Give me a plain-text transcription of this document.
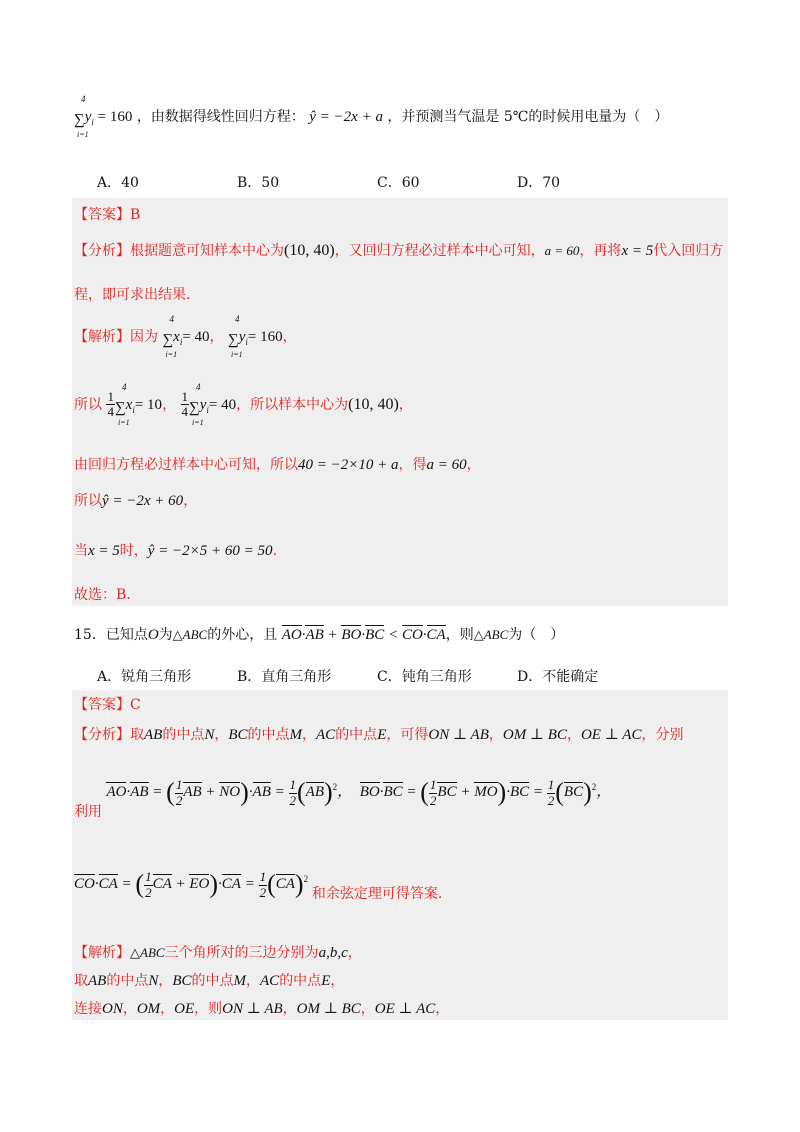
∑
4
i=1
$y_i = 160$ ，由数据得线性回归方程： ŷ = −2x + a ，并预测当气温是 5℃的时候用电量为（　）
A．40	B．50	C．60	D．70
【答案】B
【分析】根据题意可知样本中心为(10, 40)，又回归方程必过样本中心可知，a = 60，再将x = 5代入回归方
程，即可求出结果.
【解析】因为 ∑
4
i=1
$x_i= 40$， ∑
4
i=1
$y_i= 160$，
所以 $\frac{1}{4}$ ∑
4
i=1
$x_i= 10$， $\frac{1}{4}$ ∑
4
i=1
$y_i= 40$，所以样本中心为(10, 40)，
由回归方程必过样本中心可知，所以40 = −2×10 + a，得a = 60，
所以ŷ = −2x + 60，
当x = 5时，ŷ = −2×5 + 60 = 50.
故选：B.
15．已知点O为△ABC的外心，且 AO·AB + BO·BC < CO·CA，则△ABC为（　）
A．锐角三角形	B．直角三角形	C．钝角三角形	D．不能确定
【答案】C
【分析】取AB的中点N，BC的中点M，AC的中点E，可得ON ⊥ AB，OM ⊥ BC，OE ⊥ AC，分别
利用 AO·AB = ( $\frac{1}{2}$ AB + $NO)\cdot AB = \frac{1}{2} (AB)^2$，  BO·BC = ( $\frac{1}{2}$ BC + $MO)\cdot BC = \frac{1}{2} (BC)^2$，
CO·CA = ( $\frac{1}{2}$ CA + $EO)\cdot CA = \frac{1}{2} (CA)^2$ 和余弦定理可得答案.
【解析】△ABC三个角所对的三边分别为a,b,c，
取AB的中点N，BC的中点M，AC的中点E，
连接ON，OM，OE，则ON ⊥ AB，OM ⊥ BC，OE ⊥ AC，
